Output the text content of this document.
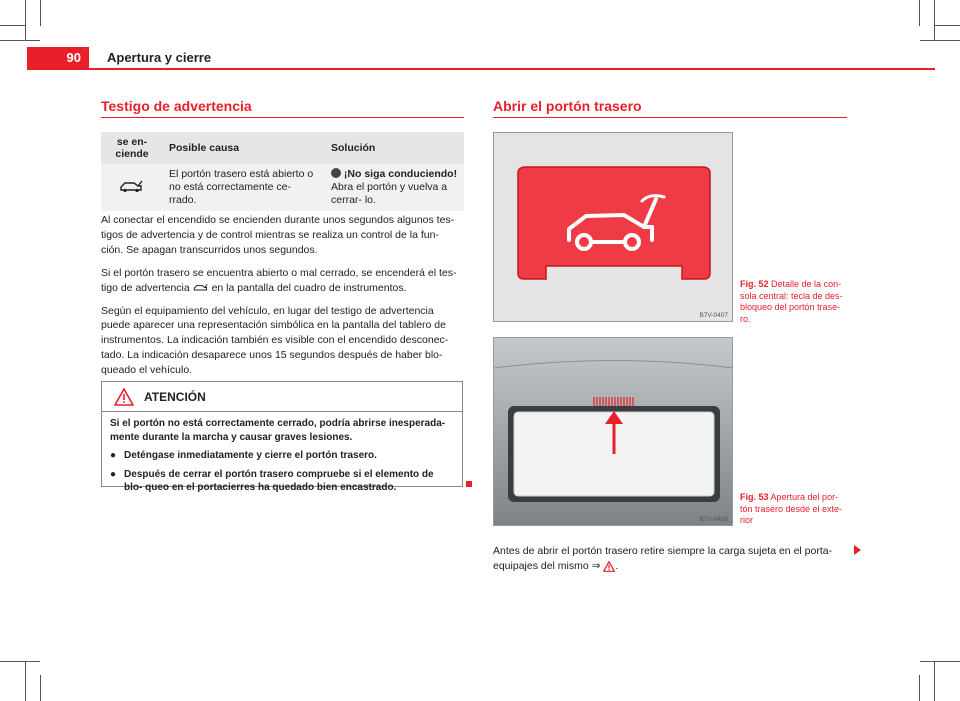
90	Apertura y cierre
Testigo de advertencia
se en-
ciende	Posible causa	Solución
	El portón trasero está abierto o no está correctamente ce- rrado.	¡No siga conduciendo!
Abra el portón y vuelva a cerrar- lo.

Al conectar el encendido se encienden durante unos segundos algunos tes- tigos de advertencia y de control mientras se realiza un control de la fun- ción. Se apagan transcurridos unos segundos.

Si el portón trasero se encuentra abierto o mal cerrado, se encenderá el tes- tigo de advertencia en la pantalla del cuadro de instrumentos.

Según el equipamiento del vehículo, en lugar del testigo de advertencia puede aparecer una representación simbólica en la pantalla del tablero de instrumentos. La indicación también es visible con el encendido desconec- tado. La indicación desaparece unos 15 segundos después de haber blo- queado el vehículo.

ATENCIÓN

Si el portón no está correctamente cerrado, podría abrirse inesperada- mente durante la marcha y causar graves lesiones.

● Deténgase inmediatamente y cierre el portón trasero.
● Después de cerrar el portón trasero compruebe si el elemento de blo- queo en el portacierres ha quedado bien encastrado.
Abrir el portón trasero
B7V-0407
Fig. 52 Detalle de la con- sola central: tecla de des- bloqueo del portón trase- ro.
B7V-0408
Fig. 53 Apertura del por- tón trasero desde el exte- rior
Antes de abrir el portón trasero retire siempre la carga sujeta en el porta- equipajes del mismo ⇒ .
